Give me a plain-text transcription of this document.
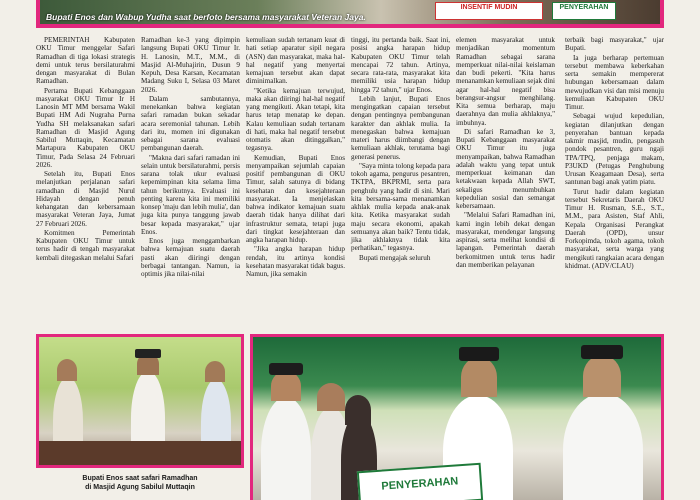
INSENTIF MUDIN	PENYERAHAN
Bupati Enos dan Wabup Yudha saat berfoto bersama masyarakat Veteran Jaya.

PEMERINTAH Kabupaten OKU Timur menggelar Safari Ramadhan di tiga lokasi strategis demi untuk terus bersilaturahmi dengan masyarakat di Bulan Ramadhan.

Pertama Bupati Kebanggaan masyarakat OKU Timur Ir H Lanosin MT MM bersama Wakil Bupati HM Adi Nugraha Purna Yudha SH melaksanakan safari Ramadhan di Masjid Agung Sabilul Muttaqin, Kecamatan Martapura Kabupaten OKU Timur, Pada Selasa 24 Februari 2026.

Setelah itu, Bupati Enos melanjutkan perjalanan safari ramadhan di Masjid Nurul Hidayah dengan penuh kehangatan dan kebersamaan masyarakat Veteran Jaya, Jumat 27 Februari 2026.

Komitmen Pemerintah Kabupaten OKU Timur untuk terus hadir di tengah masyarakat kembali ditegaskan melalui Safari

Ramadhan ke-3 yang dipimpin langsung Bupati OKU Timur Ir. H. Lanosin, M.T., M.M., di Masjid Al-Muhajirin, Dusun 9 Kepuh, Desa Karsan, Kecamatan Madang Suku I, Selasa 03 Maret 2026.

Dalam sambutannya, menekankan bahwa kegiatan safari ramadan bukan sekadar acara seremonial tahunan. Lebih dari itu, momen ini digunakan sebagai sarana evaluasi pembangunan daerah.

"Makna dari safari ramadan ini selain untuk bersilaturahmi, persis sarana tolak ukur evaluasi kepemimpinan kita selama lima tahun berikutnya. Evaluasi ini penting karena kita ini memiliki konsep 'maju dan lebih mulia', dan juga kita punya tanggung jawab besar kepada masyarakat," ujar Enos.

Enos juga menggambarkan bahwa kemajuan suatu daerah pasti akan diiringi dengan berbagai tantangan. Namun, ia optimis jika nilai-nilai

kemuliaan sudah tertanam kuat di hati setiap aparatur sipil negara (ASN) dan masyarakat, maka hal-hal negatif yang menyertai kemajuan tersebut akan dapat diminimalkan.

"Ketika kemajuan terwujud, maka akan diiringi hal-hal negatif yang mengikuti. Akan tetapi, kita harus tetap menatap ke depan. Kalau kemuliaan sudah tertanam di hati, maka hal negatif tersebut otomatis akan ditinggalkan," tegasnya.

Kemudian, Bupati Enos menyampaikan sejumlah capaian positif pembangunan di OKU Timur, salah satunya di bidang kesehatan dan kesejahteraan masyarakat. Ia menjelaskan bahwa indikator kemajuan suatu daerah tidak hanya dilihat dari infrastruktur semata, tetapi juga dari tingkat kesejahteraan dan angka harapan hidup.

"Jika angka harapan hidup rendah, itu artinya kondisi kesehatan masyarakat tidak bagus. Namun, jika semakin

tinggi, itu pertanda baik. Saat ini, posisi angka harapan hidup Kabupaten OKU Timur telah mencapai 72 tahun. Artinya, secara rata-rata, masyarakat kita memiliki usia harapan hidup hingga 72 tahun," ujar Enos.

Lebih lanjut, Bupati Enos mengingatkan capaian tersebut dengan pentingnya pembangunan karakter dan akhlak mulia. Ia menegaskan bahwa kemajuan materi harus diimbangi dengan kemuliaan akhlak, terutama bagi generasi penerus.

"Saya minta tolong kepada para tokoh agama, pengurus pesantren, TKTPA, BKPRMI, serta para penghulu yang hadir di sini. Mari kita bersama-sama menanamkan akhlak mulia kepada anak-anak kita. Ketika masyarakat sudah maju secara ekonomi, apakah semuanya akan baik? Tentu tidak, jika akhlaknya tidak kita perhatikan," tegasnya.

Bupati mengajak seluruh

elemen masyarakat untuk menjadikan momentum Ramadhan sebagai sarana memperkuat nilai-nilai keislaman dan budi pekerti. "Kita harus menanamkan kemuliaan sejak dini agar hal-hal negatif bisa berangsur-angsur menghilang. Kita semua berharap, maju daerahnya dan mulia akhlaknya," imbuhnya.

Di safari Ramadhan ke 3, Bupati Kebanggaan masyarakat OKU Timur itu juga menyampaikan, bahwa Ramadhan adalah waktu yang tepat untuk memperkuat keimanan dan ketakwaan kepada Allah SWT, sekaligus menumbuhkan kepedulian sosial dan semangat kebersamaan.

"Melalui Safari Ramadhan ini, kami ingin lebih dekat dengan masyarakat, mendengar langsung aspirasi, serta melihat kondisi di lapangan. Pemerintah daerah berkomitmen untuk terus hadir dan memberikan pelayanan

terbaik bagi masyarakat," ujar Bupati.

Ia juga berharap pertemuan tersebut membawa keberkahan serta semakin mempererat hubungan kebersamaan dalam mewujudkan visi dan misi menuju kemuliaan Kabupaten OKU Timur.

Sebagai wujud kepedulian, kegiatan dilanjutkan dengan penyerahan bantuan kepada takmir masjid, mudin, pengasuh pondok pesantren, guru ngaji TPA/TPQ, penjaga makam, P3UKD (Petugas Penghubung Urusan Keagamaan Desa), serta santunan bagi anak yatim piatu.

Turut hadir dalam kegiatan tersebut Sekretaris Daerah OKU Timur H. Rusman, S.E., S.T., M.M., para Asisten, Staf Ahli, Kepala Organisasi Perangkat Daerah (OPD), unsur Forkopimda, tokoh agama, tokoh masyarakat, serta warga yang mengikuti rangkaian acara dengan khidmat. (ADV/CLAU)

Bupati Enos saat safari Ramadhan
di Masjid Agung Sabilul Muttaqin	PENYERAHAN
